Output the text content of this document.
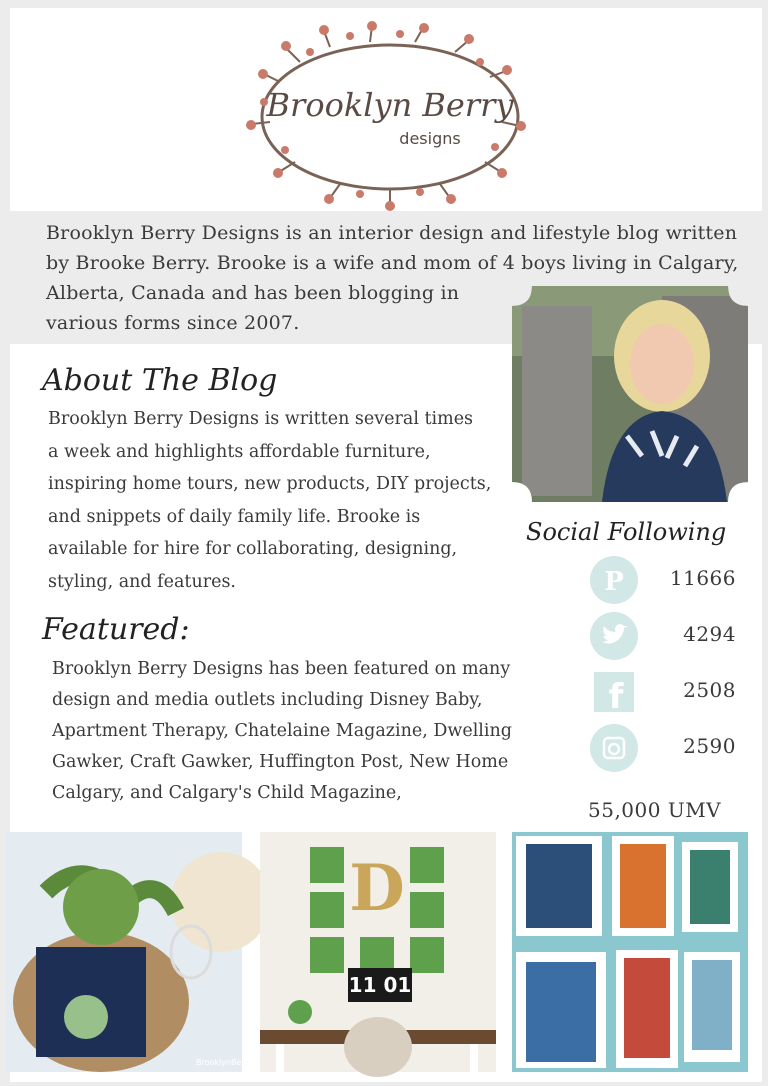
Brooklyn Berry
designs
Brooklyn Berry Designs is an interior design and lifestyle blog written
by Brooke Berry. Brooke is a wife and mom of 4 boys living in Calgary,
Alberta, Canada and has been blogging in
various forms since 2007.
About The Blog
Brooklyn Berry Designs is written several times
a week and highlights affordable furniture,
inspiring home tours, new products, DIY projects,
and snippets of daily family life. Brooke is
available for hire for collaborating, designing,
styling, and features.
Featured:
Brooklyn Berry Designs has been featured on many
design and media outlets including Disney Baby,
Apartment Therapy, Chatelaine Magazine, Dwelling
Gawker, Craft Gawker, Huffington Post, New Home
Calgary, and Calgary's Child Magazine,
Social Following
P 11666
4294
f	2508
2590
55,000 UMV
BrooklynBerry
D
11 01
